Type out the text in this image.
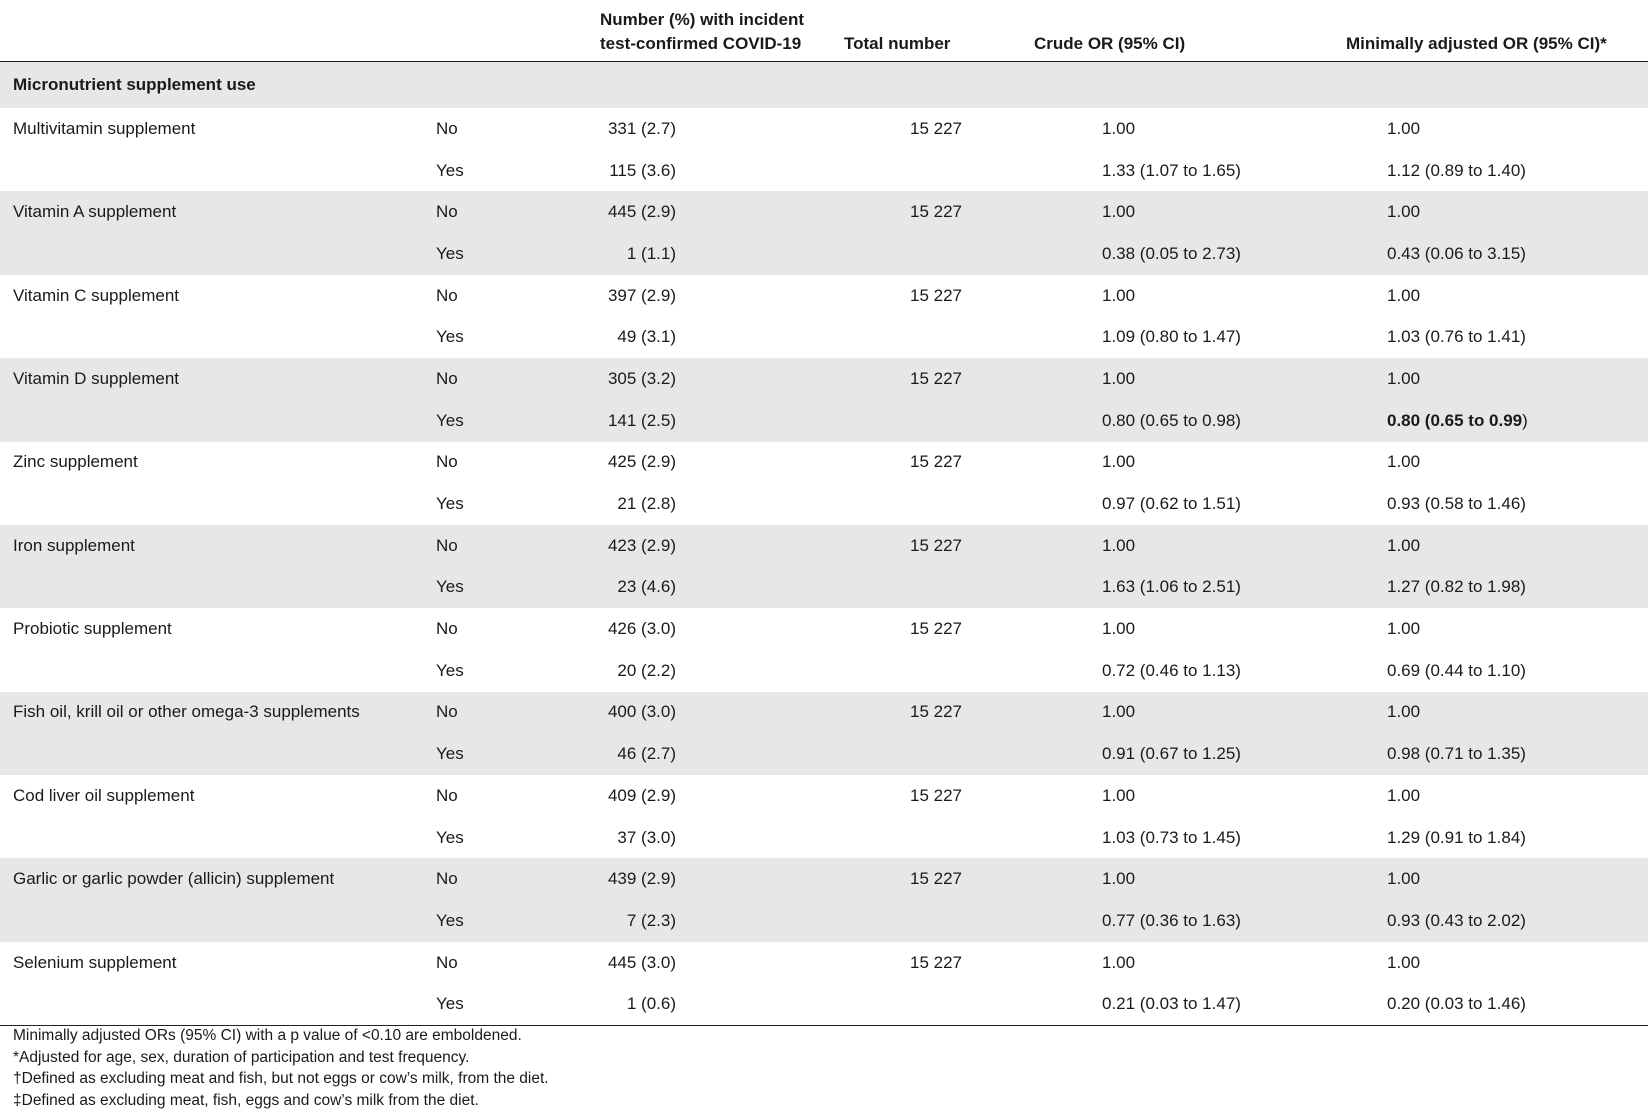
		Number (%) with incident
test-confirmed COVID-19	Total number	Crude OR (95% CI)	Minimally adjusted OR (95% CI)*

Micronutrient supplement use					
Multivitamin supplement	No	331 (2.7)	15 227	1.00	1.00
	Yes	115 (3.6)		1.33 (1.07 to 1.65)	1.12 (0.89 to 1.40)
Vitamin A supplement	No	445 (2.9)	15 227	1.00	1.00
	Yes	1 (1.1)		0.38 (0.05 to 2.73)	0.43 (0.06 to 3.15)
Vitamin C supplement	No	397 (2.9)	15 227	1.00	1.00
	Yes	49 (3.1)		1.09 (0.80 to 1.47)	1.03 (0.76 to 1.41)
Vitamin D supplement	No	305 (3.2)	15 227	1.00	1.00
	Yes	141 (2.5)		0.80 (0.65 to 0.98)	0.80 (0.65 to 0.99)
Zinc supplement	No	425 (2.9)	15 227	1.00	1.00
	Yes	21 (2.8)		0.97 (0.62 to 1.51)	0.93 (0.58 to 1.46)
Iron supplement	No	423 (2.9)	15 227	1.00	1.00
	Yes	23 (4.6)		1.63 (1.06 to 2.51)	1.27 (0.82 to 1.98)
Probiotic supplement	No	426 (3.0)	15 227	1.00	1.00
	Yes	20 (2.2)		0.72 (0.46 to 1.13)	0.69 (0.44 to 1.10)
Fish oil, krill oil or other omega-3 supplements	No	400 (3.0)	15 227	1.00	1.00
	Yes	46 (2.7)		0.91 (0.67 to 1.25)	0.98 (0.71 to 1.35)
Cod liver oil supplement	No	409 (2.9)	15 227	1.00	1.00
	Yes	37 (3.0)		1.03 (0.73 to 1.45)	1.29 (0.91 to 1.84)
Garlic or garlic powder (allicin) supplement	No	439 (2.9)	15 227	1.00	1.00
	Yes	7 (2.3)		0.77 (0.36 to 1.63)	0.93 (0.43 to 2.02)
Selenium supplement	No	445 (3.0)	15 227	1.00	1.00
	Yes	1 (0.6)		0.21 (0.03 to 1.47)	0.20 (0.03 to 1.46)
Minimally adjusted ORs (95% CI) with a p value of <0.10 are emboldened.
*Adjusted for age, sex, duration of participation and test frequency.
†Defined as excluding meat and fish, but not eggs or cow’s milk, from the diet.
‡Defined as excluding meat, fish, eggs and cow’s milk from the diet.
